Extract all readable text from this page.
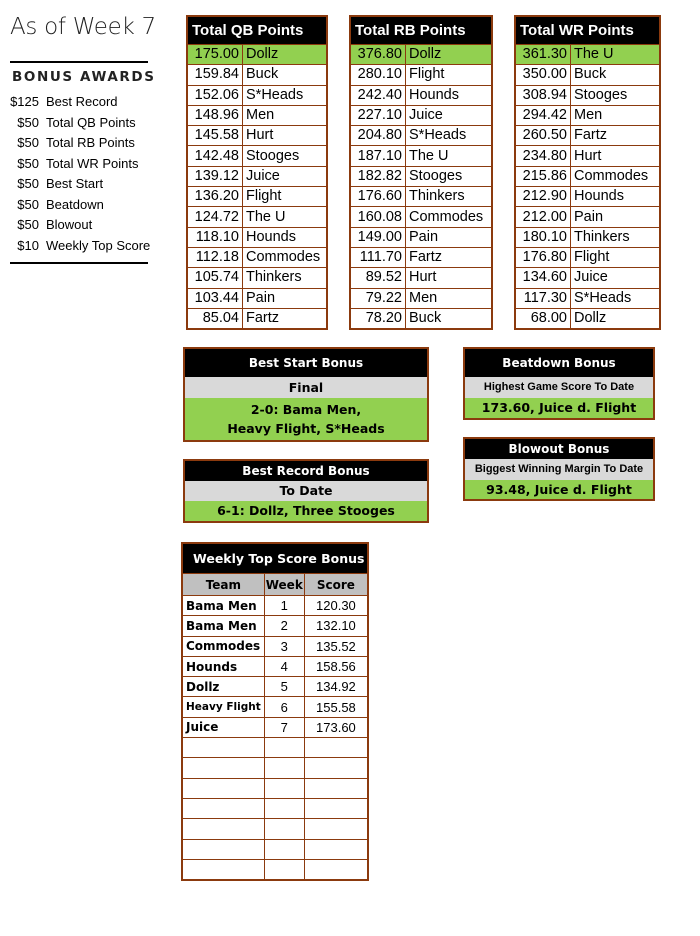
As of Week 7
BONUS AWARDS
$125 Best Record
$50 Total QB Points
$50 Total RB Points
$50 Total WR Points
$50 Best Start
$50 Beatdown
$50 Blowout
$10 Weekly Top Score
Total QB Points	
175.00	Dollz
159.84	Buck
152.06	S*Heads
148.96	Men
145.58	Hurt
142.48	Stooges
139.12	Juice
136.20	Flight
124.72	The U
118.10	Hounds
112.18	Commodes
105.74	Thinkers
103.44	Pain
85.04	Fartz
Total RB Points	
376.80	Dollz
280.10	Flight
242.40	Hounds
227.10	Juice
204.80	S*Heads
187.10	The U
182.82	Stooges
176.60	Thinkers
160.08	Commodes
149.00	Pain
111.70	Fartz
89.52	Hurt
79.22	Men
78.20	Buck
Total WR Points	
361.30	The U
350.00	Buck
308.94	Stooges
294.42	Men
260.50	Fartz
234.80	Hurt
215.86	Commodes
212.90	Hounds
212.00	Pain
180.10	Thinkers
176.80	Flight
134.60	Juice
117.30	S*Heads
68.00	Dollz
Best Start Bonus
Final
2-0: Bama Men,
Heavy Flight, S*Heads
Best Record Bonus
To Date
6-1: Dollz, Three Stooges
Beatdown Bonus
Highest Game Score To Date
173.60, Juice d. Flight
Blowout Bonus
Biggest Winning Margin To Date
93.48, Juice d. Flight
Weekly Top Score Bonus		
Team	Week	Score
Bama Men	1	120.30
Bama Men	2	132.10
Commodes	3	135.52
Hounds	4	158.56
Dollz	5	134.92
Heavy Flight	6	155.58
Juice	7	173.60
